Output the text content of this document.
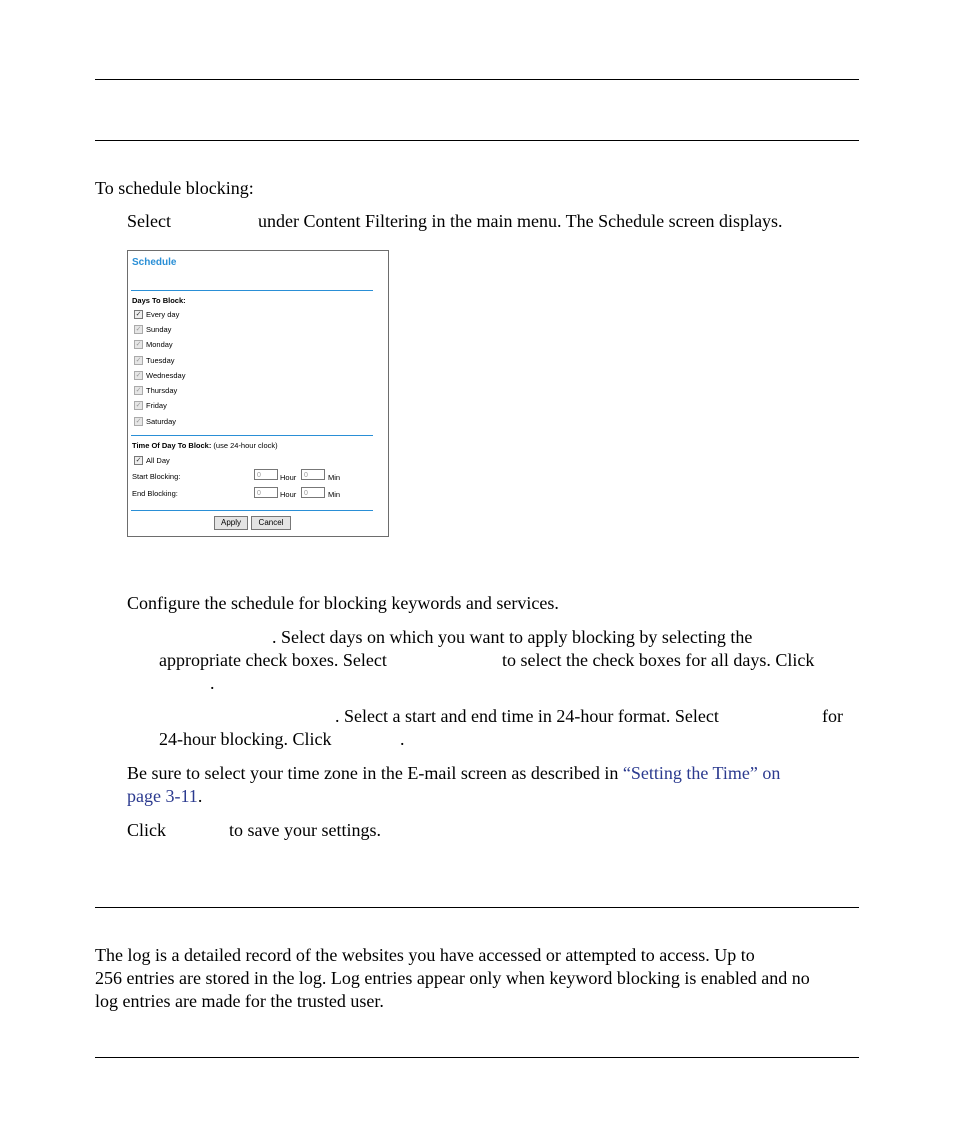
To schedule blocking:
Select	under Content Filtering in the main menu. The Schedule screen displays.
Schedule
Days To Block:
✓ Every day
✓ Sunday
✓ Monday
✓ Tuesday
✓ Wednesday
✓ Thursday
✓ Friday
✓ Saturday
Time Of Day To Block: (use 24-hour clock)
✓ All Day
Start Blocking:	0	Hour	0	Min
End Blocking:	0	Hour	0	Min
Apply	Cancel
Configure the schedule for blocking keywords and services.
. Select days on which you want to apply blocking by selecting the
appropriate check boxes. Select	to select the check boxes for all days. Click
.
. Select a start and end time in 24-hour format. Select	for
24-hour blocking. Click	.
Be sure to select your time zone in the E-mail screen as described in “Setting the Time” on
page 3-11.
Click	to save your settings.
The log is a detailed record of the websites you have accessed or attempted to access. Up to
256 entries are stored in the log. Log entries appear only when keyword blocking is enabled and no
log entries are made for the trusted user.
